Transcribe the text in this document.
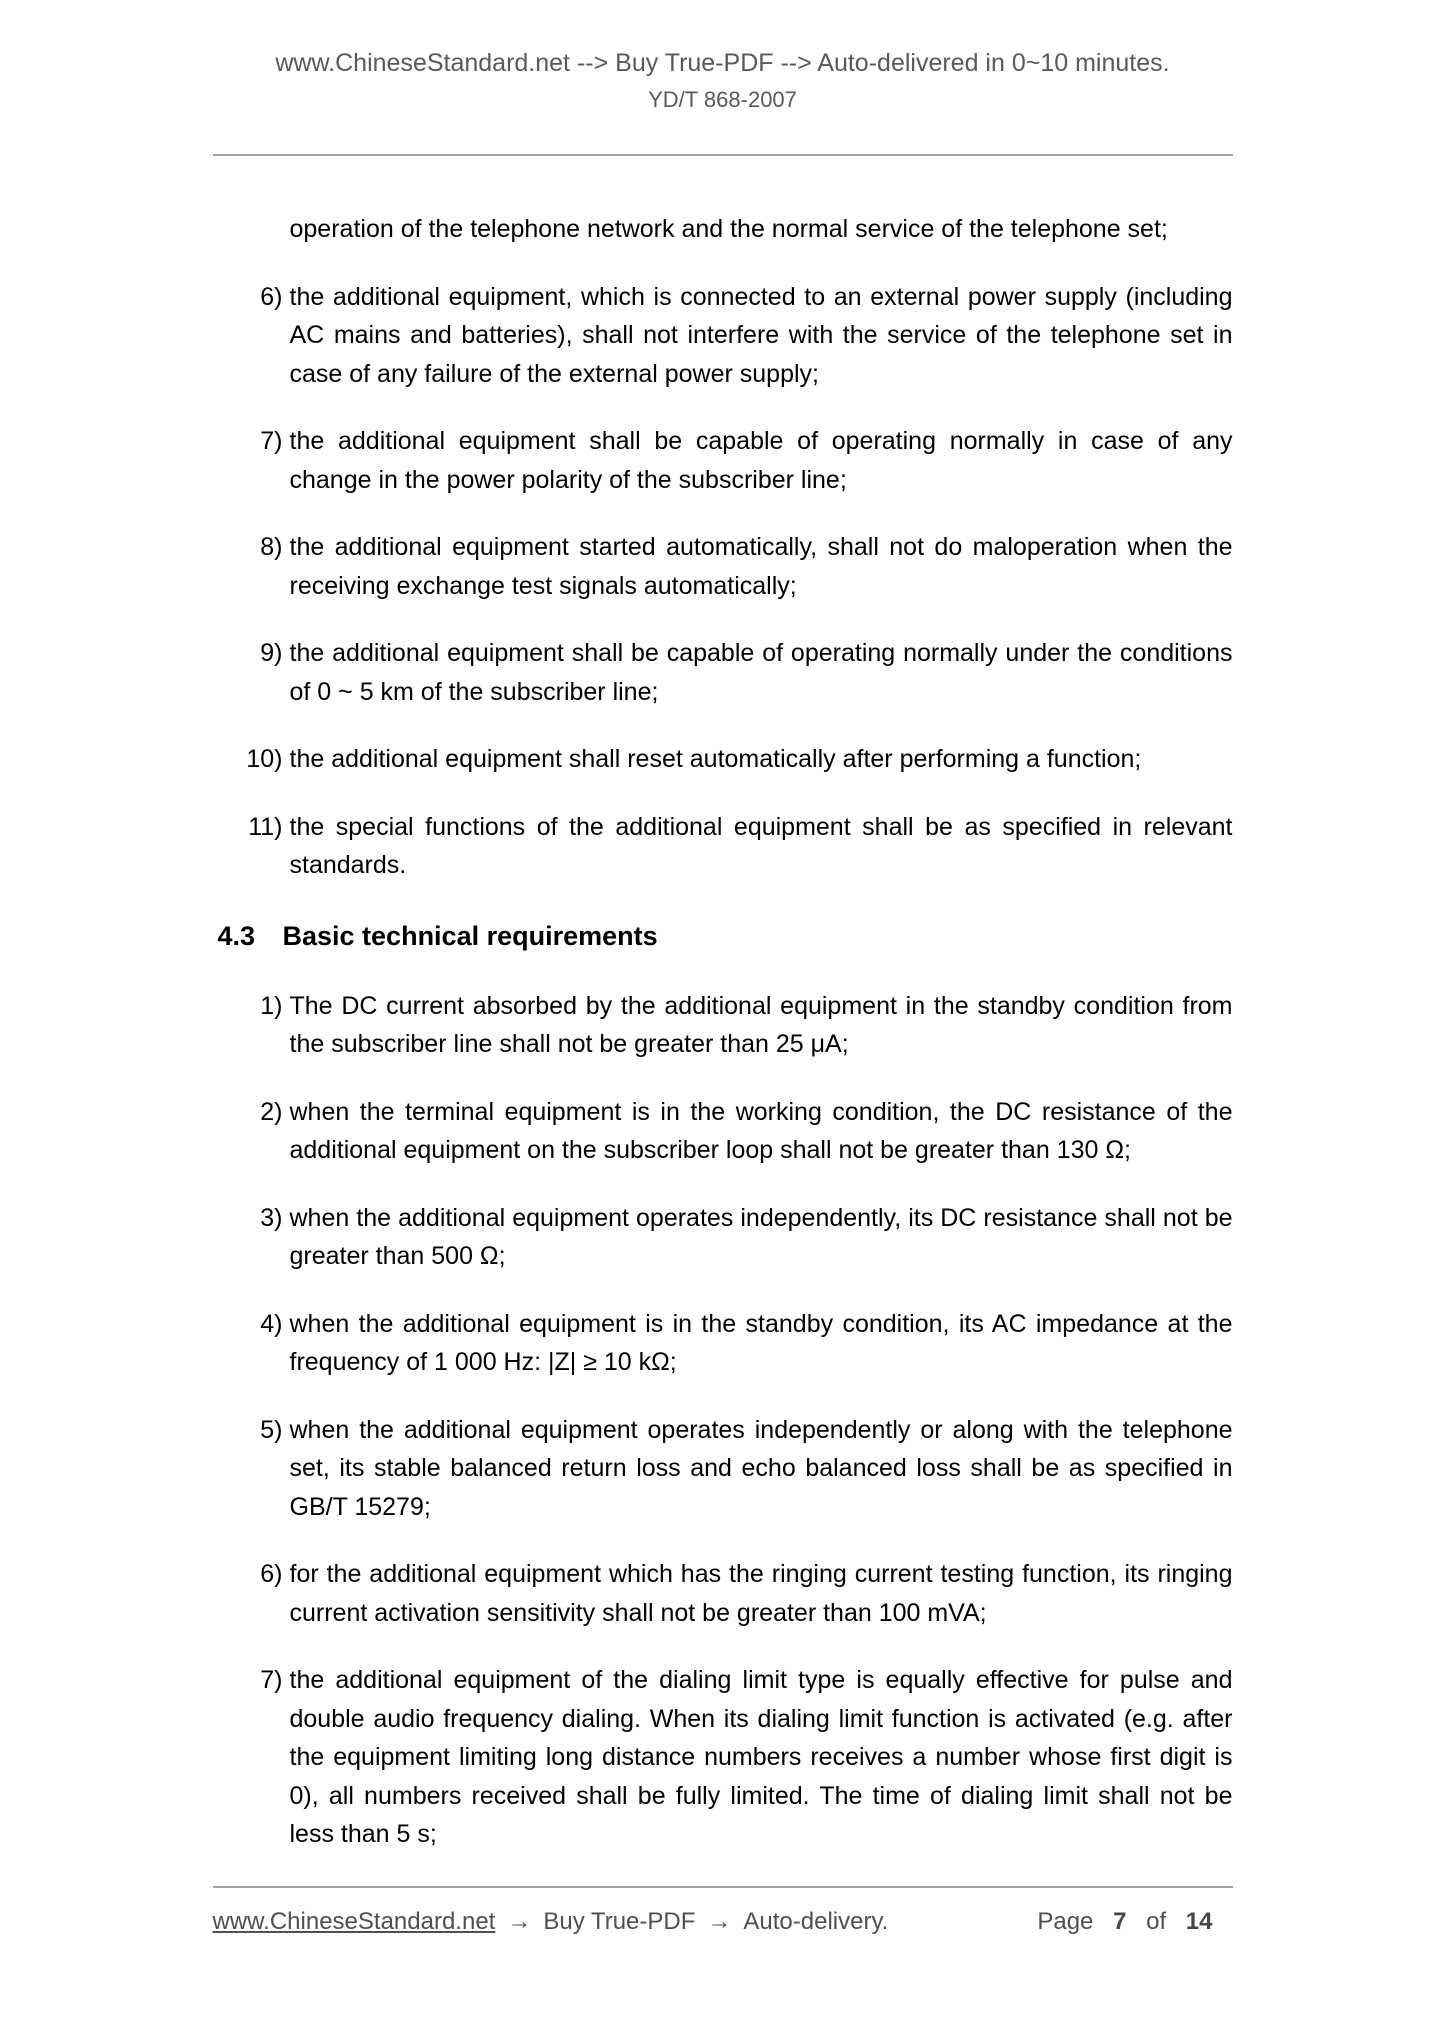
www.ChineseStandard.net --> Buy True-PDF --> Auto-delivered in 0~10 minutes.
YD/T 868-2007

operation of the telephone network and the normal service of the telephone set;

6) the additional equipment, which is connected to an external power supply (including AC mains and batteries), shall not interfere with the service of the telephone set in case of any failure of the external power supply;

7) the additional equipment shall be capable of operating normally in case of any change in the power polarity of the subscriber line;

8) the additional equipment started automatically, shall not do maloperation when the receiving exchange test signals automatically;

9) the additional equipment shall be capable of operating normally under the conditions of 0 ~ 5 km of the subscriber line;

10) the additional equipment shall reset automatically after performing a function;

11) the special functions of the additional equipment shall be as specified in relevant standards.

4.3 Basic technical requirements

1) The DC current absorbed by the additional equipment in the standby condition from the subscriber line shall not be greater than 25 μA;

2) when the terminal equipment is in the working condition, the DC resistance of the additional equipment on the subscriber loop shall not be greater than 130 Ω;

3) when the additional equipment operates independently, its DC resistance shall not be greater than 500 Ω;

4) when the additional equipment is in the standby condition, its AC impedance at the frequency of 1 000 Hz: |Z| ≥ 10 kΩ;

5) when the additional equipment operates independently or along with the telephone set, its stable balanced return loss and echo balanced loss shall be as specified in GB/T 15279;

6) for the additional equipment which has the ringing current testing function, its ringing current activation sensitivity shall not be greater than 100 mVA;

7) the additional equipment of the dialing limit type is equally effective for pulse and double audio frequency dialing. When its dialing limit function is activated (e.g. after the equipment limiting long distance numbers receives a number whose first digit is 0), all numbers received shall be fully limited. The time of dialing limit shall not be less than 5 s;

www.ChineseStandard.net → Buy True-PDF → Auto-delivery.	Page 7 of 14
